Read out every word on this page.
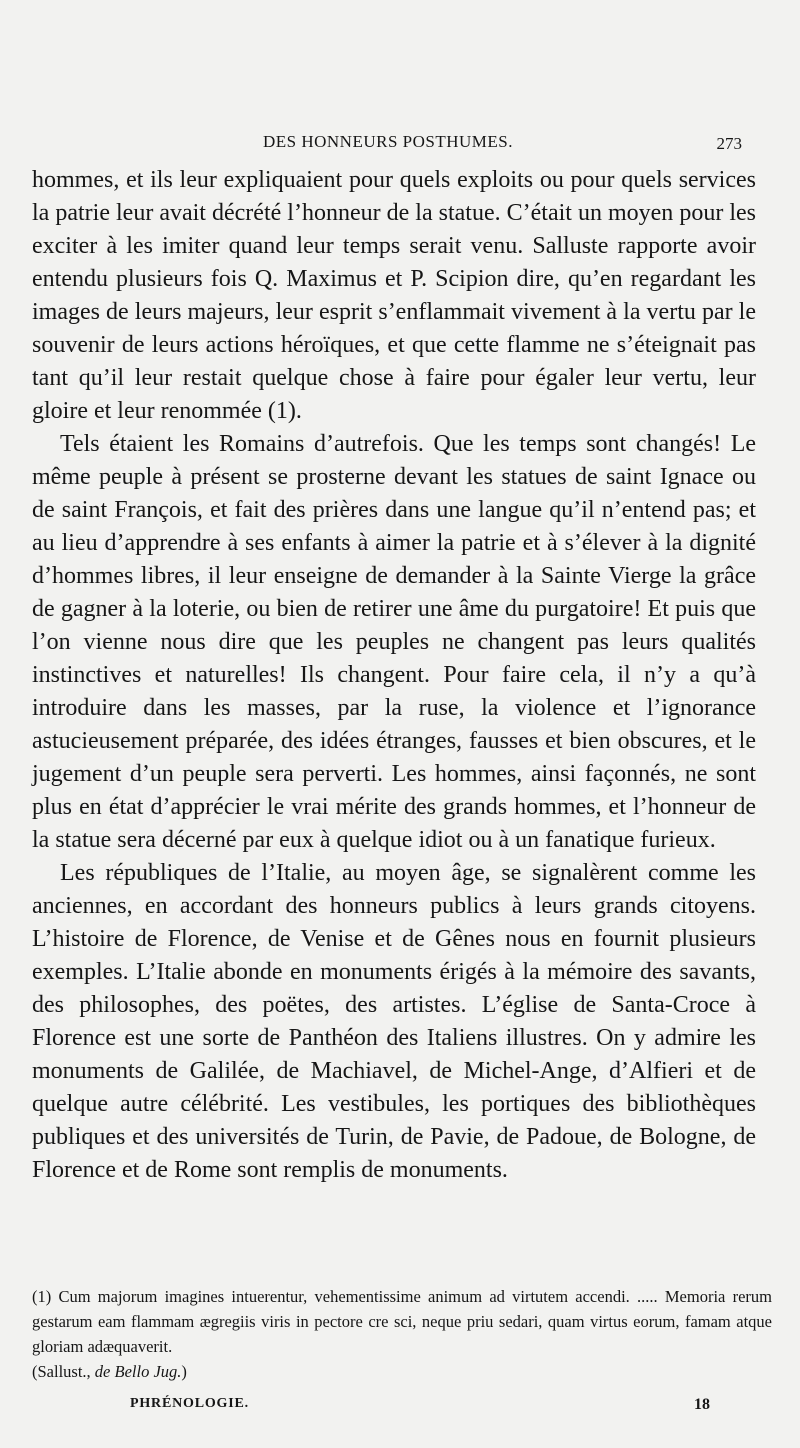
DES HONNEURS POSTHUMES.	273

hommes, et ils leur expliquaient pour quels exploits ou pour quels services la patrie leur avait décrété l’honneur de la statue. C’était un moyen pour les exciter à les imiter quand leur temps serait venu. Salluste rapporte avoir entendu plusieurs fois Q. Maximus et P. Scipion dire, qu’en regardant les images de leurs majeurs, leur esprit s’enflammait vivement à la vertu par le souvenir de leurs actions héroïques, et que cette flamme ne s’éteignait pas tant qu’il leur restait quelque chose à faire pour égaler leur vertu, leur gloire et leur renommée (1).

Tels étaient les Romains d’autrefois. Que les temps sont changés! Le même peuple à présent se prosterne devant les statues de saint Ignace ou de saint François, et fait des prières dans une langue qu’il n’entend pas; et au lieu d’apprendre à ses enfants à aimer la patrie et à s’élever à la dignité d’hommes libres, il leur enseigne de demander à la Sainte Vierge la grâce de gagner à la loterie, ou bien de retirer une âme du purgatoire! Et puis que l’on vienne nous dire que les peuples ne changent pas leurs qualités instinctives et naturelles! Ils changent. Pour faire cela, il n’y a qu’à introduire dans les masses, par la ruse, la violence et l’ignorance astucieusement préparée, des idées étranges, fausses et bien obscures, et le jugement d’un peuple sera perverti. Les hommes, ainsi façonnés, ne sont plus en état d’apprécier le vrai mérite des grands hommes, et l’honneur de la statue sera décerné par eux à quelque idiot ou à un fanatique furieux.

Les républiques de l’Italie, au moyen âge, se signalèrent comme les anciennes, en accordant des honneurs publics à leurs grands citoyens. L’histoire de Florence, de Venise et de Gênes nous en fournit plusieurs exemples. L’Italie abonde en monuments érigés à la mémoire des savants, des philosophes, des poëtes, des artistes. L’église de Santa-Croce à Florence est une sorte de Panthéon des Italiens illustres. On y admire les monuments de Galilée, de Machiavel, de Michel-Ange, d’Alfieri et de quelque autre célébrité. Les vestibules, les portiques des bibliothèques publiques et des universités de Turin, de Pavie, de Padoue, de Bologne, de Florence et de Rome sont remplis de monuments.

(1) Cum majorum imagines intuerentur, vehementissime animum ad virtutem accendi. ..... Memoria rerum gestarum eam flammam ægregiis viris in pectore cre sci, neque priu sedari, quam virtus eorum, famam atque gloriam adæquaverit.

(Sallust., de Bello Jug.)

PHRÉNOLOGIE.	18
